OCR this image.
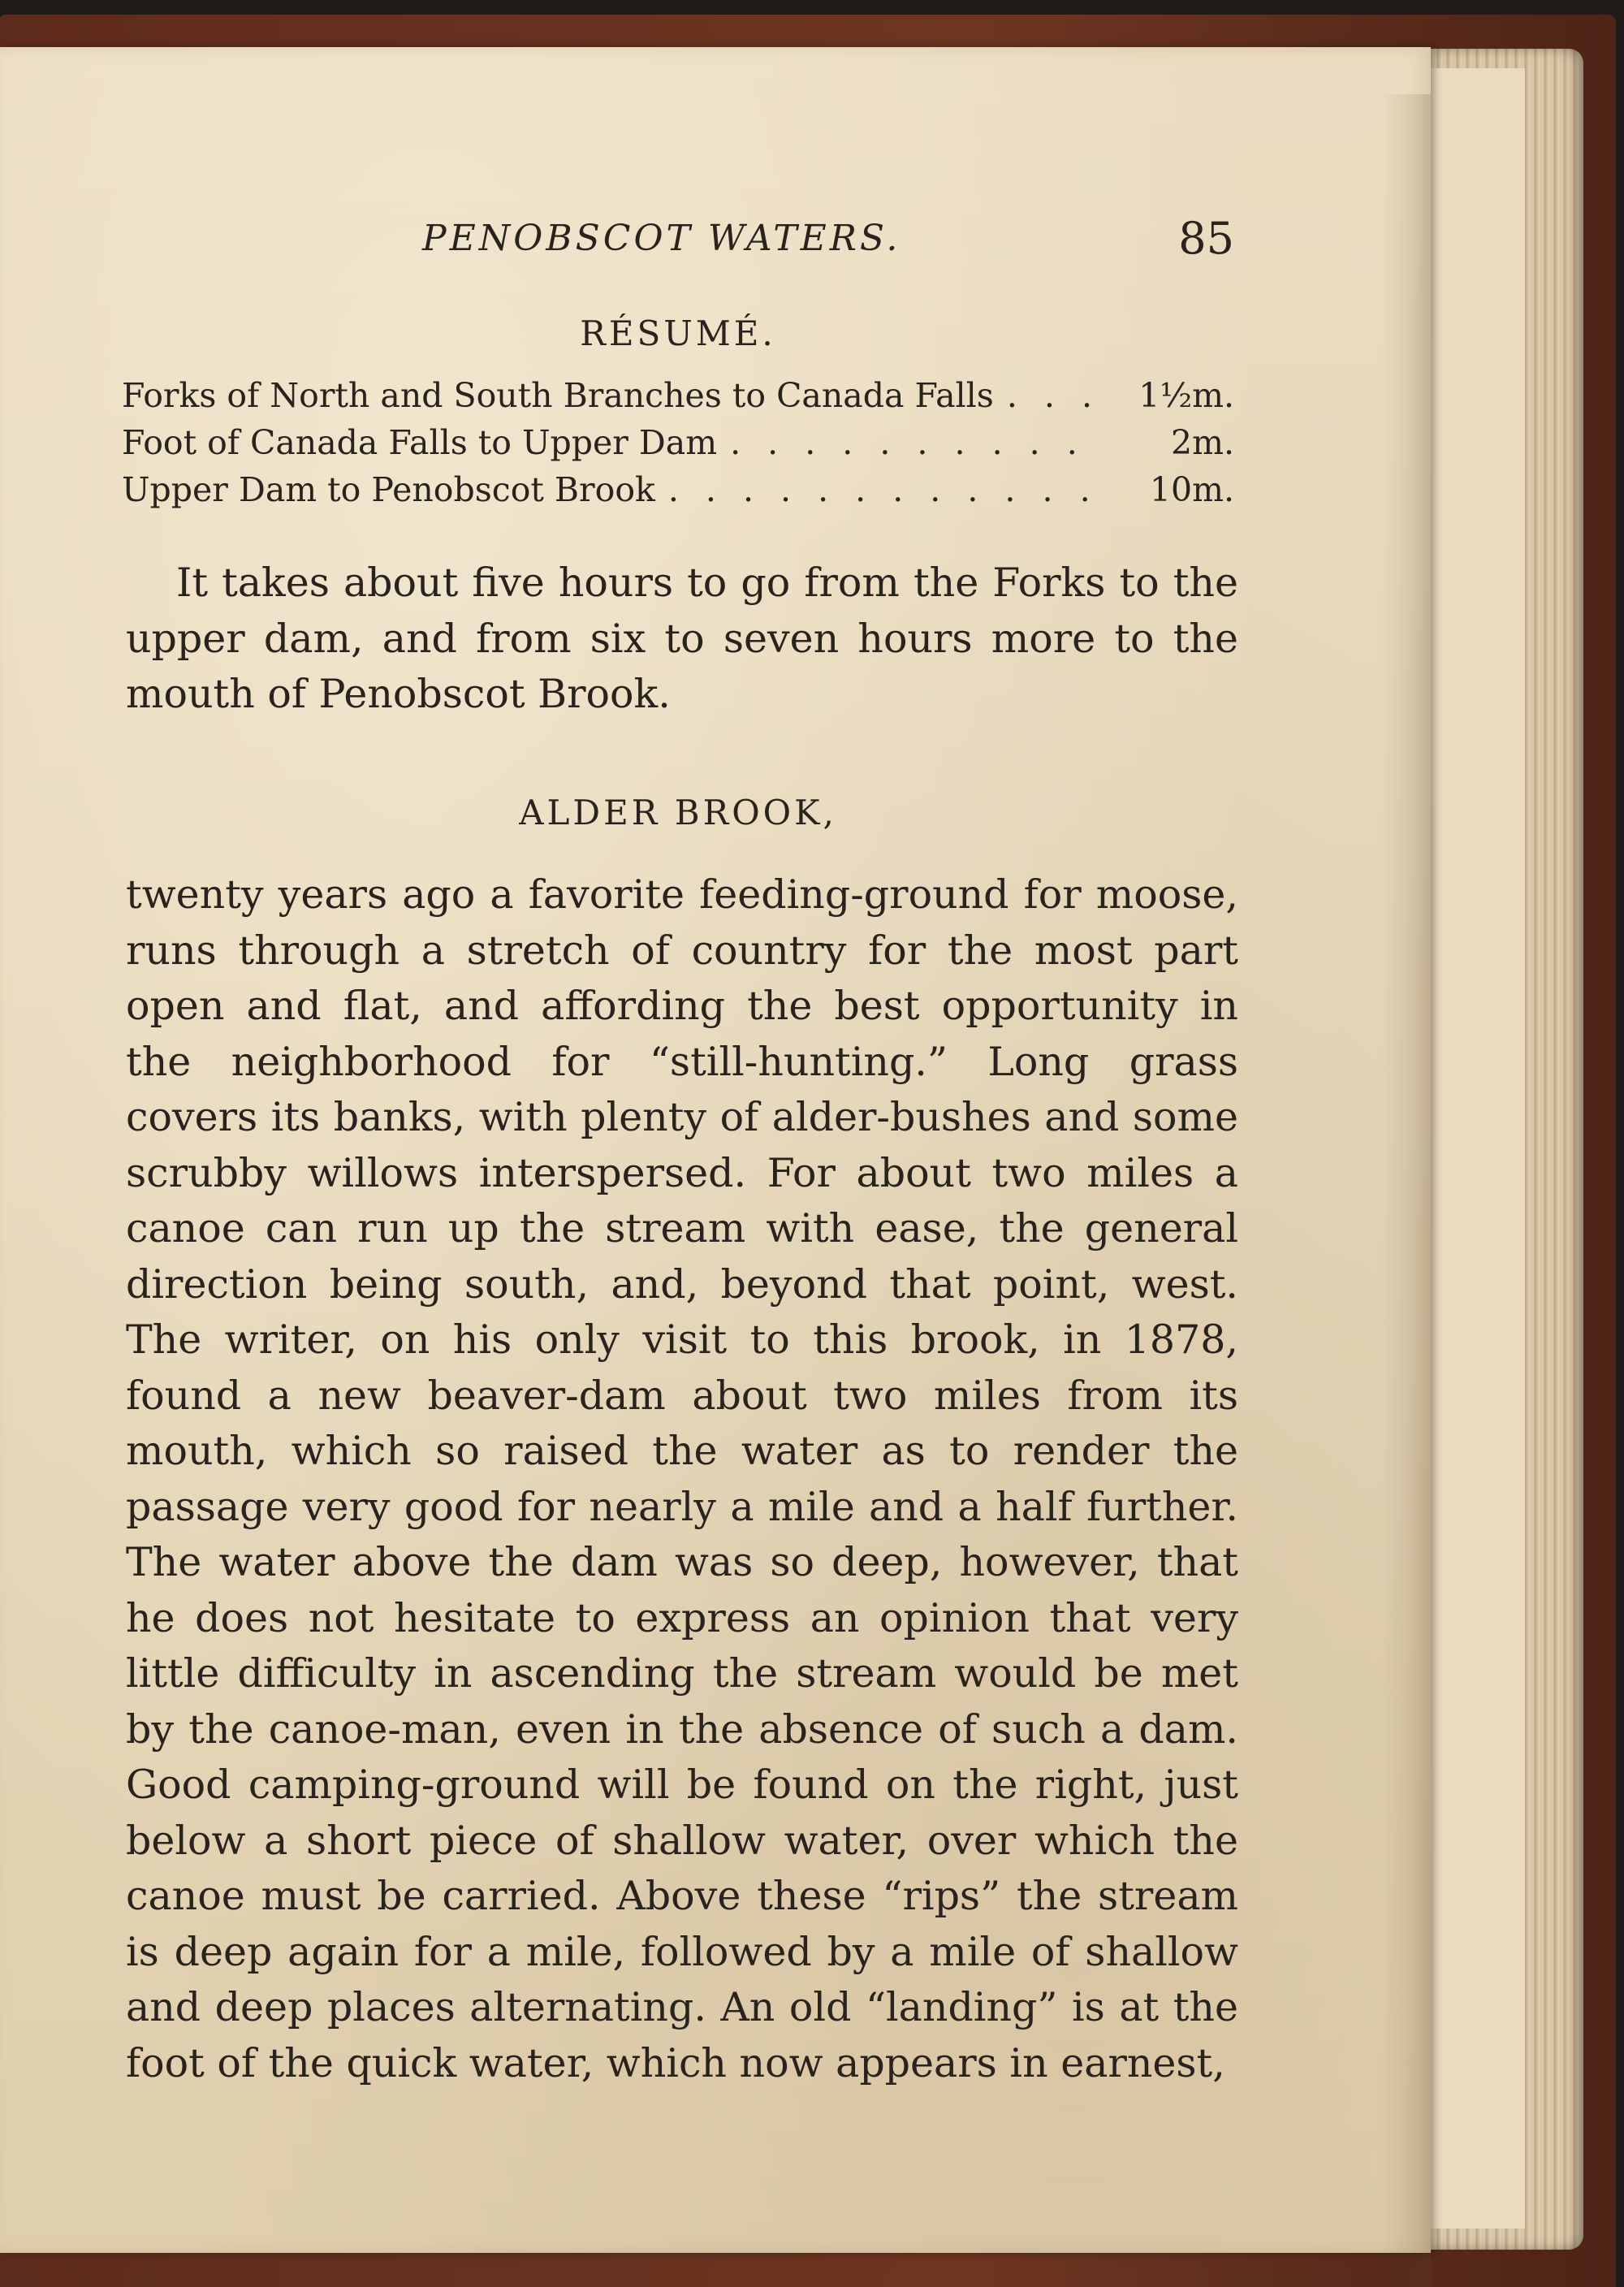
PENOBSCOT WATERS.	85
RÉSUMÉ.
Forks of North and South Branches to Canada Falls . . .	1½m.
Foot of Canada Falls to Upper Dam . . .	2m.
Upper Dam to Penobscot Brook . . .	10m.

It takes about five hours to go from the Forks to the upper dam, and from six to seven hours more to the mouth of Penobscot Brook.

ALDER BROOK,

twenty years ago a favorite feeding-ground for moose, runs through a stretch of country for the most part open and flat, and affording the best opportunity in the neighborhood for “still-hunting.” Long grass covers its banks, with plenty of alder-bushes and some scrubby willows interspersed. For about two miles a canoe can run up the stream with ease, the general direction being south, and, beyond that point, west. The writer, on his only visit to this brook, in 1878, found a new beaver-dam about two miles from its mouth, which so raised the water as to render the passage very good for nearly a mile and a half further. The water above the dam was so deep, however, that he does not hesitate to express an opinion that very little difficulty in ascending the stream would be met by the canoe-man, even in the absence of such a dam. Good camping-ground will be found on the right, just below a short piece of shallow water, over which the canoe must be carried. Above these “rips” the stream is deep again for a mile, followed by a mile of shallow and deep places alternating. An old “landing” is at the foot of the quick water, which now appears in earnest,
